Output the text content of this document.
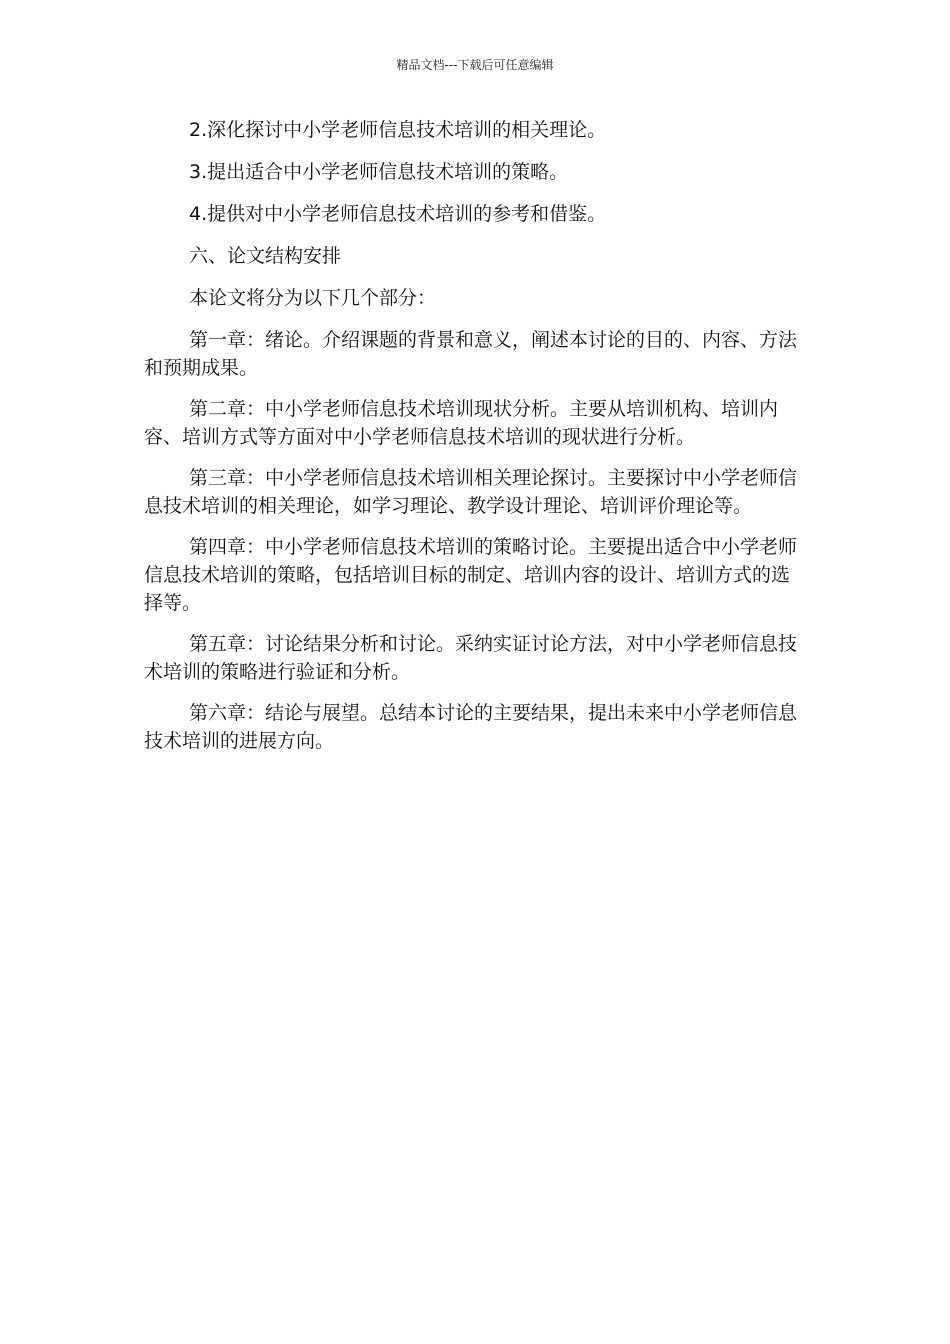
精品文档---下载后可任意编辑

2.深化探讨中小学老师信息技术培训的相关理论。

3.提出适合中小学老师信息技术培训的策略。

4.提供对中小学老师信息技术培训的参考和借鉴。

六、论文结构安排

本论文将分为以下几个部分：

第一章：绪论。介绍课题的背景和意义，阐述本讨论的目的、内容、方法和预期成果。

第二章：中小学老师信息技术培训现状分析。主要从培训机构、培训内容、培训方式等方面对中小学老师信息技术培训的现状进行分析。

第三章：中小学老师信息技术培训相关理论探讨。主要探讨中小学老师信息技术培训的相关理论，如学习理论、教学设计理论、培训评价理论等。

第四章：中小学老师信息技术培训的策略讨论。主要提出适合中小学老师信息技术培训的策略，包括培训目标的制定、培训内容的设计、培训方式的选择等。

第五章：讨论结果分析和讨论。采纳实证讨论方法，对中小学老师信息技术培训的策略进行验证和分析。

第六章：结论与展望。总结本讨论的主要结果，提出未来中小学老师信息技术培训的进展方向。
